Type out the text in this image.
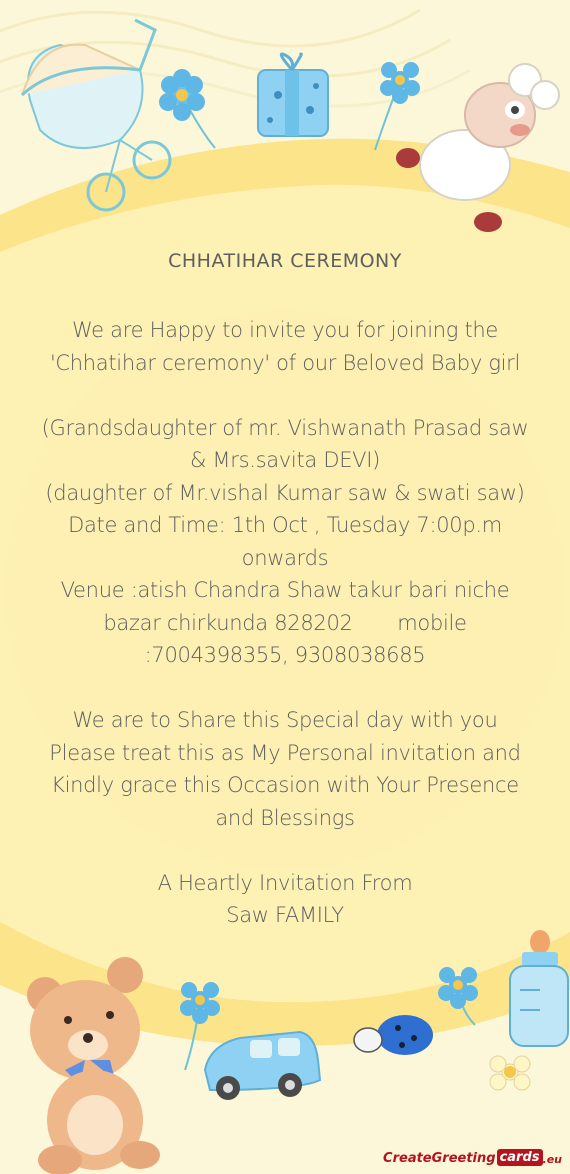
CHHATIHAR CEREMONY
We are Happy to invite you for joining the
'Chhatihar ceremony' of our Beloved Baby girl
(Grandsdaughter of mr. Vishwanath Prasad saw
& Mrs.savita DEVI)
(daughter of Mr.vishal Kumar saw & swati saw)
Date and Time: 1th Oct , Tuesday 7:00p.m
onwards
Venue :atish Chandra Shaw takur bari niche
bazar chirkunda 828202       mobile
:7004398355, 9308038685
We are to Share this Special day with you
Please treat this as My Personal invitation and
Kindly grace this Occasion with Your Presence
and Blessings
A Heartly Invitation From
Saw FAMILY
CreateGreeting cards .eu
